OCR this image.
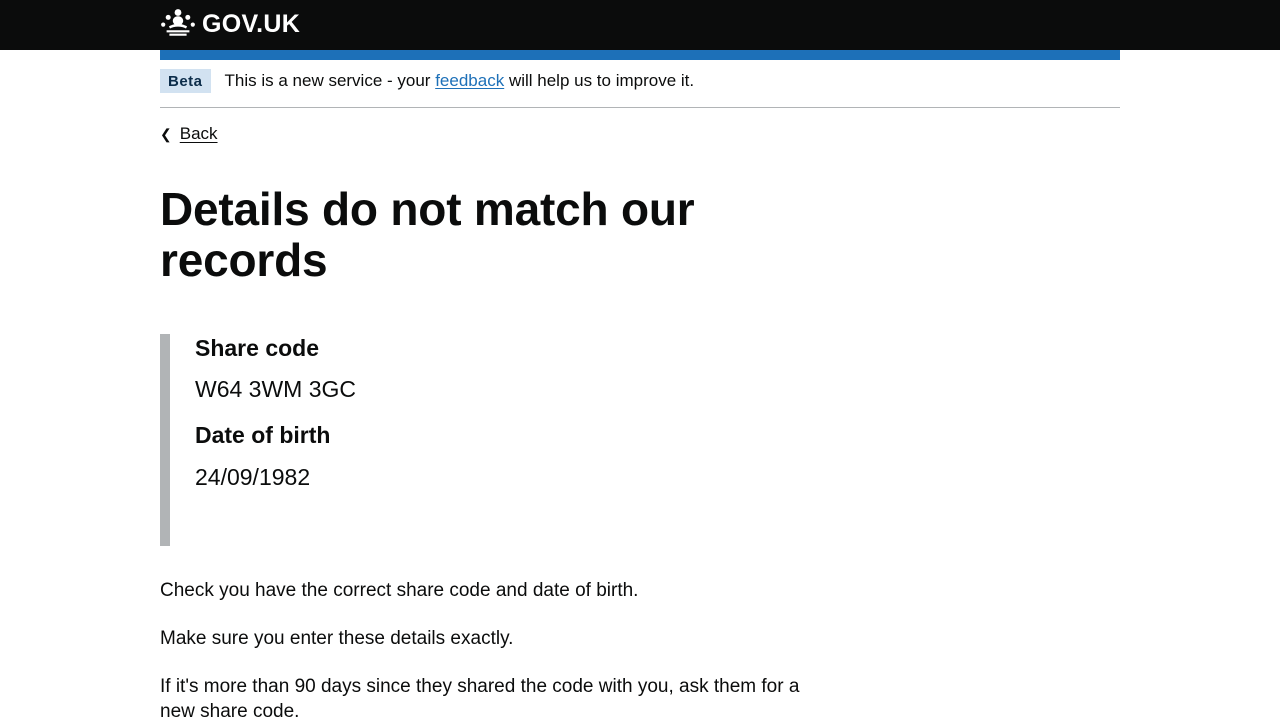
GOV.UK
Beta	This is a new service - your feedback will help us to improve it.
❮ Back
Details do not match our records

Share code

W64 3WM 3GC

Date of birth

24/09/1982

Check you have the correct share code and date of birth.

Make sure you enter these details exactly.

If it's more than 90 days since they shared the code with you, ask them for a new share code.
